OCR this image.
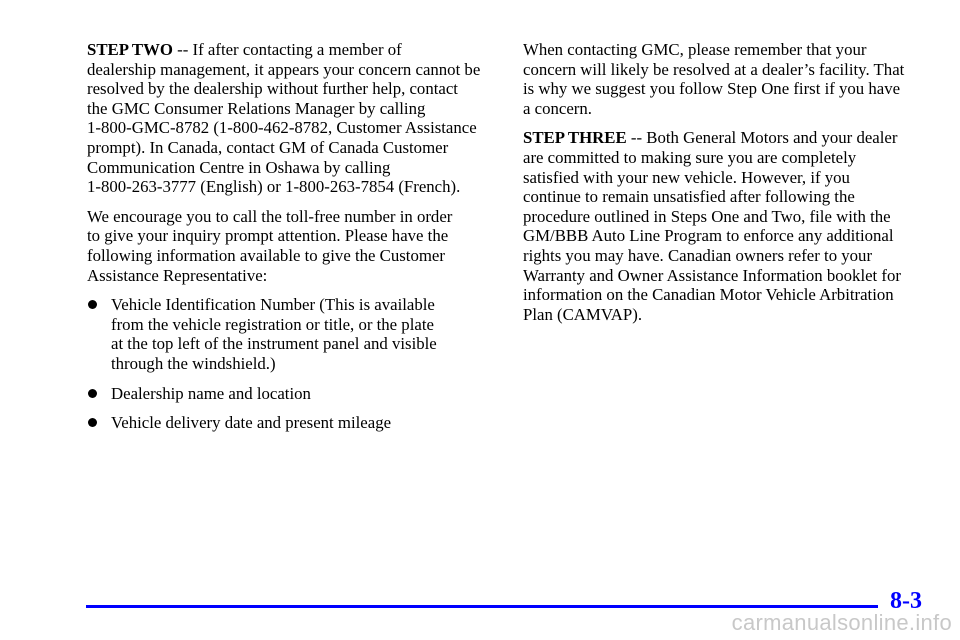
STEP TWO -- If after contacting a member of
dealership management, it appears your concern cannot be
resolved by the dealership without further help, contact
the GMC Consumer Relations Manager by calling
1-800-GMC-8782 (1-800-462-8782, Customer Assistance
prompt). In Canada, contact GM of Canada Customer
Communication Centre in Oshawa by calling
1-800-263-3777 (English) or 1-800-263-7854 (French).

We encourage you to call the toll-free number in order
to give your inquiry prompt attention. Please have the
following information available to give the Customer
Assistance Representative:

Vehicle Identification Number (This is available
from the vehicle registration or title, or the plate
at the top left of the instrument panel and visible
through the windshield.)
Dealership name and location
Vehicle delivery date and present mileage

When contacting GMC, please remember that your
concern will likely be resolved at a dealer’s facility. That
is why we suggest you follow Step One first if you have
a concern.

STEP THREE -- Both General Motors and your dealer
are committed to making sure you are completely
satisfied with your new vehicle. However, if you
continue to remain unsatisfied after following the
procedure outlined in Steps One and Two, file with the
GM/BBB Auto Line Program to enforce any additional
rights you may have. Canadian owners refer to your
Warranty and Owner Assistance Information booklet for
information on the Canadian Motor Vehicle Arbitration
Plan (CAMVAP).

8-3
carmanualsonline.info
